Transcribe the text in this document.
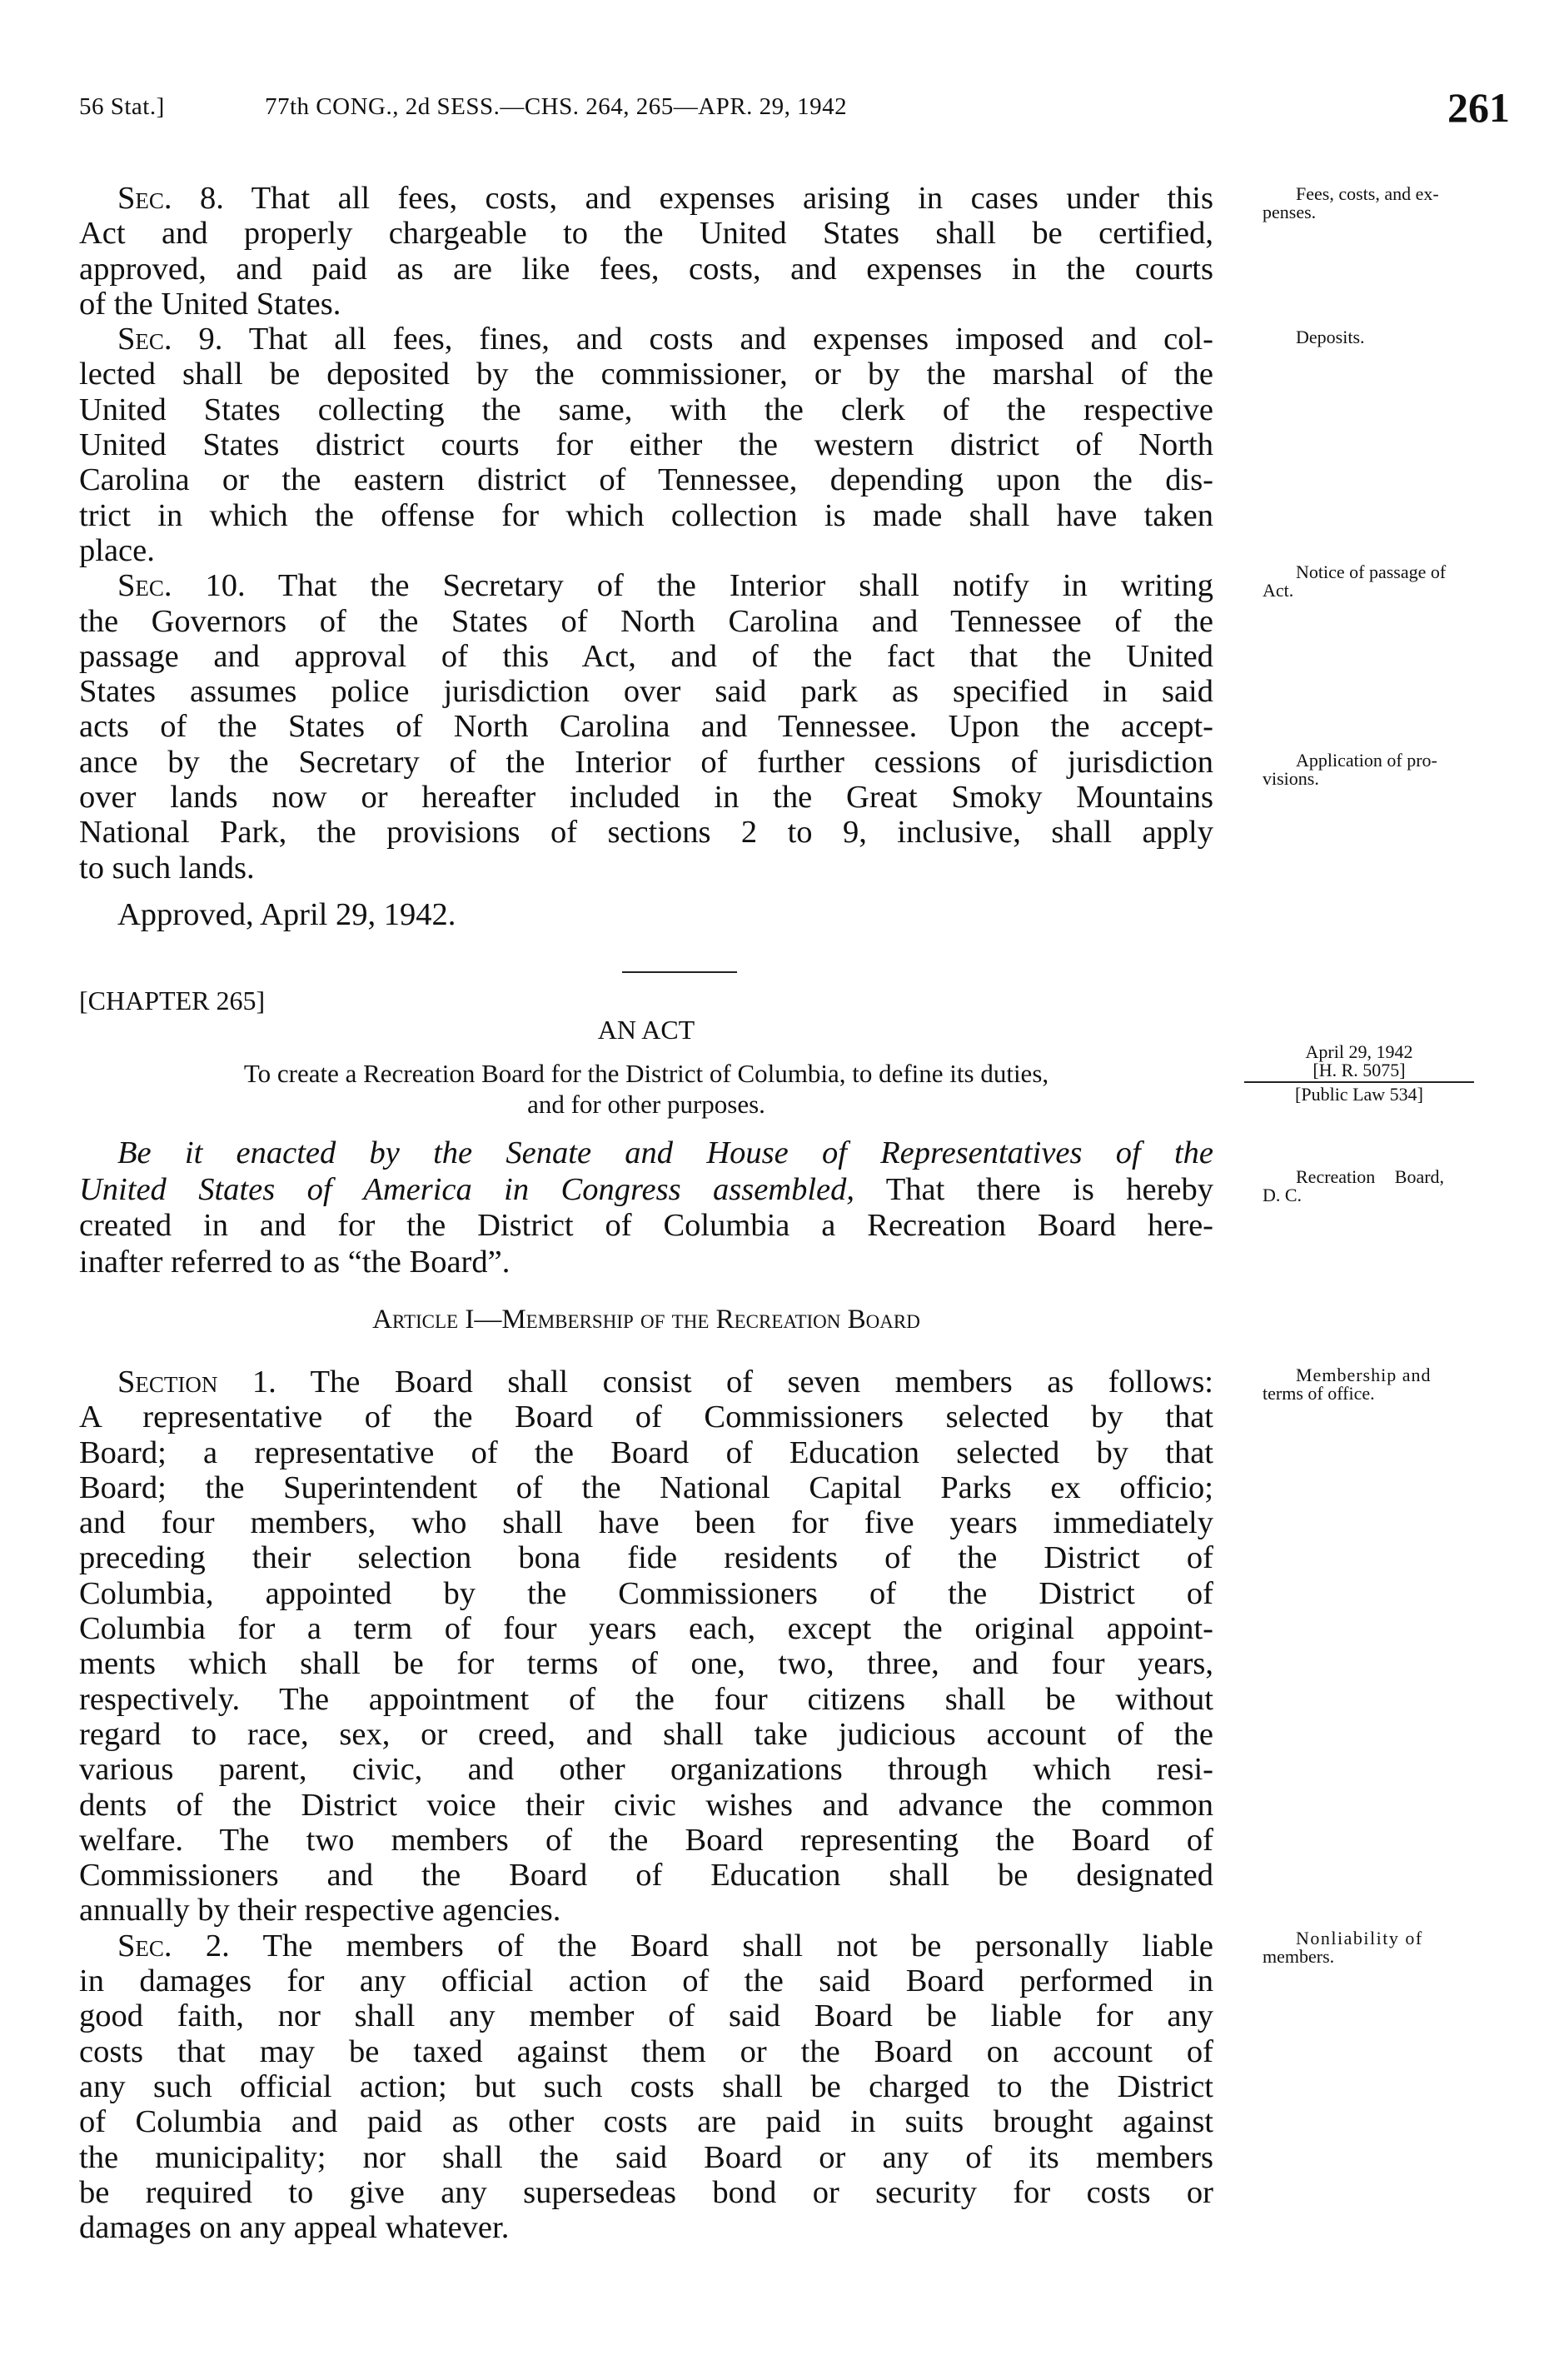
56 Stat.]	77th CONG., 2d SESS.—CHS. 264, 265—APR. 29, 1942	261
Sec. 8. That all fees, costs, and expenses arising in cases under this
Act and properly chargeable to the United States shall be certified,
approved, and paid as are like fees, costs, and expenses in the courts
of the United States.
Sec. 9. That all fees, fines, and costs and expenses imposed and col-
lected shall be deposited by the commissioner, or by the marshal of the
United States collecting the same, with the clerk of the respective
United States district courts for either the western district of North
Carolina or the eastern district of Tennessee, depending upon the dis-
trict in which the offense for which collection is made shall have taken
place.
Sec. 10. That the Secretary of the Interior shall notify in writing
the Governors of the States of North Carolina and Tennessee of the
passage and approval of this Act, and of the fact that the United
States assumes police jurisdiction over said park as specified in said
acts of the States of North Carolina and Tennessee. Upon the accept-
ance by the Secretary of the Interior of further cessions of jurisdiction
over lands now or hereafter included in the Great Smoky Mountains
National Park, the provisions of sections 2 to 9, inclusive, shall apply
to such lands.
Approved, April 29, 1942.
[CHAPTER 265]
AN ACT
To create a Recreation Board for the District of Columbia, to define its duties,
and for other purposes.
Be it enacted by the Senate and House of Representatives of the
United States of America in Congress assembled, That there is hereby
created in and for the District of Columbia a Recreation Board here-
inafter referred to as “the Board”.
Article I—Membership of the Recreation Board
Section 1. The Board shall consist of seven members as follows:
A representative of the Board of Commissioners selected by that
Board; a representative of the Board of Education selected by that
Board; the Superintendent of the National Capital Parks ex officio;
and four members, who shall have been for five years immediately
preceding their selection bona fide residents of the District of
Columbia, appointed by the Commissioners of the District of
Columbia for a term of four years each, except the original appoint-
ments which shall be for terms of one, two, three, and four years,
respectively. The appointment of the four citizens shall be without
regard to race, sex, or creed, and shall take judicious account of the
various parent, civic, and other organizations through which resi-
dents of the District voice their civic wishes and advance the common
welfare. The two members of the Board representing the Board of
Commissioners and the Board of Education shall be designated
annually by their respective agencies.
Sec. 2. The members of the Board shall not be personally liable
in damages for any official action of the said Board performed in
good faith, nor shall any member of said Board be liable for any
costs that may be taxed against them or the Board on account of
any such official action; but such costs shall be charged to the District
of Columbia and paid as other costs are paid in suits brought against
the municipality; nor shall the said Board or any of its members
be required to give any supersedeas bond or security for costs or
damages on any appeal whatever.
Fees, costs, and ex-
penses.
Deposits.
Notice of passage of
Act.
Application of pro-
visions.
April 29, 1942
[H. R. 5075]
[Public Law 534]
Recreation Board,
D. C.
Membership and
terms of office.
Nonliability of
members.
